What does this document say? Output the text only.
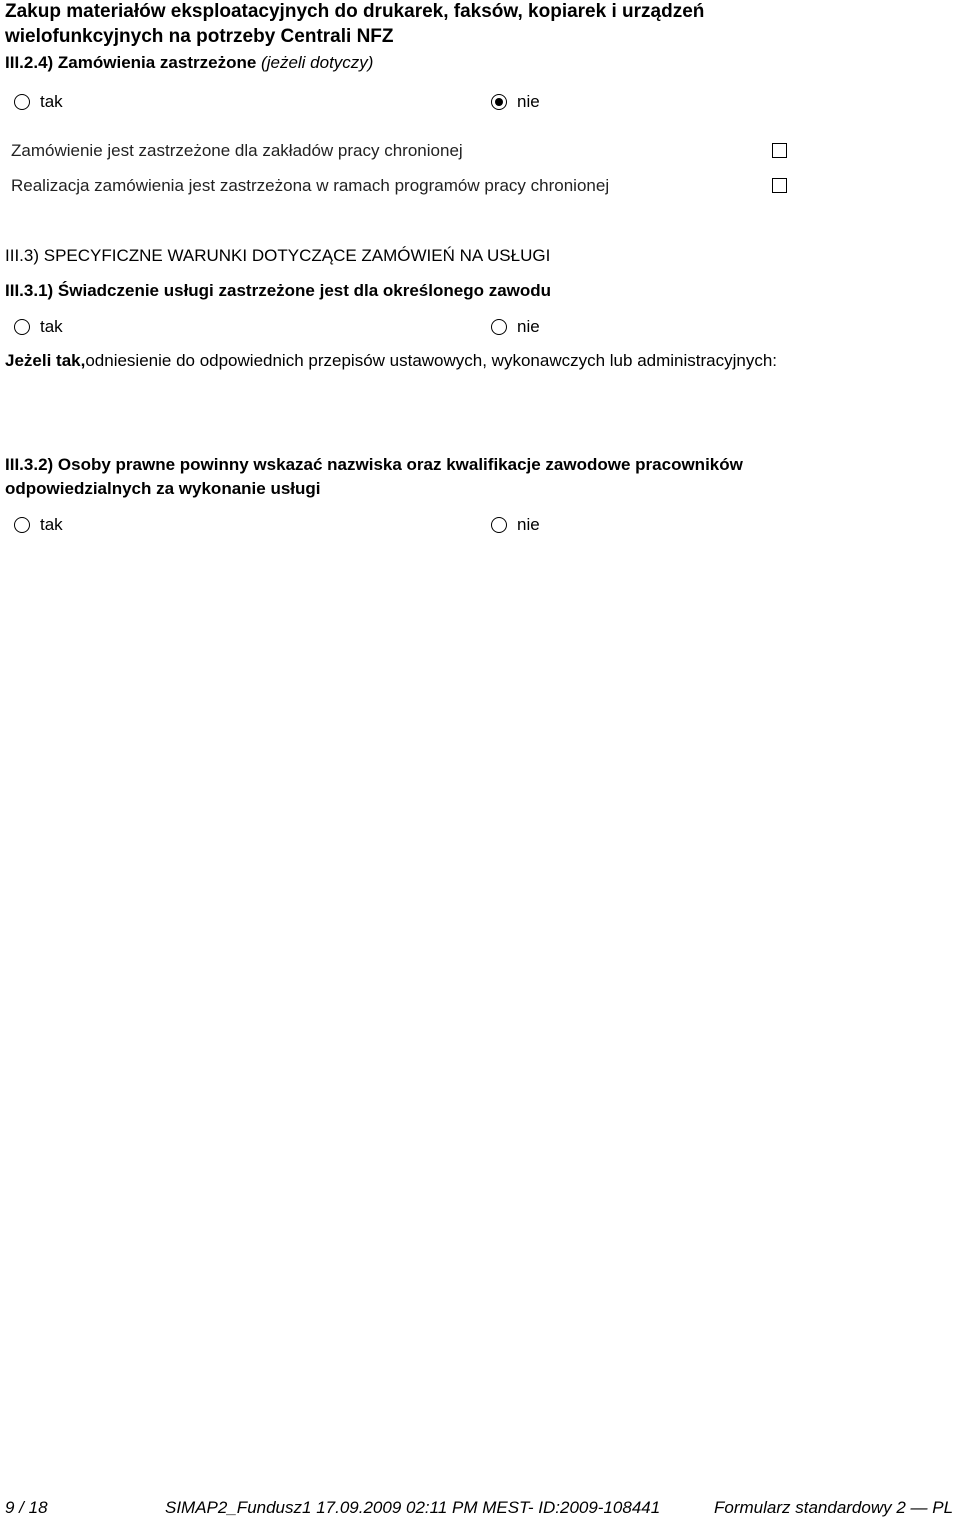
Zakup materiałów eksploatacyjnych do drukarek, faksów, kopiarek i urządzeń
wielofunkcyjnych na potrzeby Centrali NFZ
III.2.4) Zamówienia zastrzeżone (jeżeli dotyczy)
tak	nie
Zamówienie jest zastrzeżone dla zakładów pracy chronionej
Realizacja zamówienia jest zastrzeżona w ramach programów pracy chronionej
III.3) SPECYFICZNE WARUNKI DOTYCZĄCE ZAMÓWIEŃ NA USŁUGI
III.3.1) Świadczenie usługi zastrzeżone jest dla określonego zawodu
tak	nie
Jeżeli tak,odniesienie do odpowiednich przepisów ustawowych, wykonawczych lub administracyjnych:
III.3.2) Osoby prawne powinny wskazać nazwiska oraz kwalifikacje zawodowe pracowników
odpowiedzialnych za wykonanie usługi
tak	nie
9 / 18	SIMAP2_Fundusz1 17.09.2009 02:11 PM MEST- ID:2009-108441	Formularz standardowy 2 — PL
